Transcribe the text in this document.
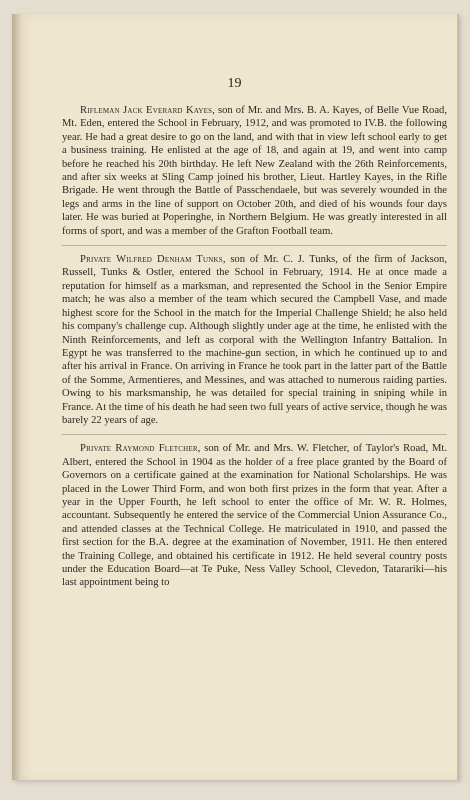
19

Rifleman Jack Everard Kayes, son of Mr. and Mrs. B. A. Kayes, of Belle Vue Road, Mt. Eden, entered the School in February, 1912, and was promoted to IV.B. the following year. He had a great desire to go on the land, and with that in view left school early to get a business training. He enlisted at the age of 18, and again at 19, and went into camp before he reached his 20th birthday. He left New Zealand with the 26th Reinforcements, and after six weeks at Sling Camp joined his brother, Lieut. Hartley Kayes, in the Rifle Brigade. He went through the Battle of Passchendaele, but was severely wounded in the legs and arms in the line of support on October 20th, and died of his wounds four days later. He was buried at Poperinghe, in Northern Belgium. He was greatly interested in all forms of sport, and was a member of the Grafton Football team.

Private Wilfred Denham Tunks, son of Mr. C. J. Tunks, of the firm of Jackson, Russell, Tunks & Ostler, entered the School in February, 1914. He at once made a reputation for himself as a marksman, and represented the School in the Senior Empire match; he was also a member of the team which secured the Campbell Vase, and made highest score for the School in the match for the Imperial Challenge Shield; he also held his company's challenge cup. Although slightly under age at the time, he enlisted with the Ninth Reinforcements, and left as corporal with the Wellington Infantry Battalion. In Egypt he was transferred to the machine-gun section, in which he continued up to and after his arrival in France. On arriving in France he took part in the latter part of the Battle of the Somme, Armentieres, and Messines, and was attached to numerous raiding parties. Owing to his marksmanship, he was detailed for special training in sniping while in France. At the time of his death he had seen two full years of active service, though he was barely 22 years of age.

Private Raymond Fletcher, son of Mr. and Mrs. W. Fletcher, of Taylor's Road, Mt. Albert, entered the School in 1904 as the holder of a free place granted by the Board of Governors on a certificate gained at the examination for National Scholarships. He was placed in the Lower Third Form, and won both first prizes in the form that year. After a year in the Upper Fourth, he left school to enter the office of Mr. W. R. Holmes, accountant. Subsequently he entered the service of the Commercial Union Assurance Co., and attended classes at the Technical College. He matriculated in 1910, and passed the first section for the B.A. degree at the examination of November, 1911. He then entered the Training College, and obtained his certificate in 1912. He held several country posts under the Education Board—at Te Puke, Ness Valley School, Clevedon, Tatarariki—his last appointment being to
